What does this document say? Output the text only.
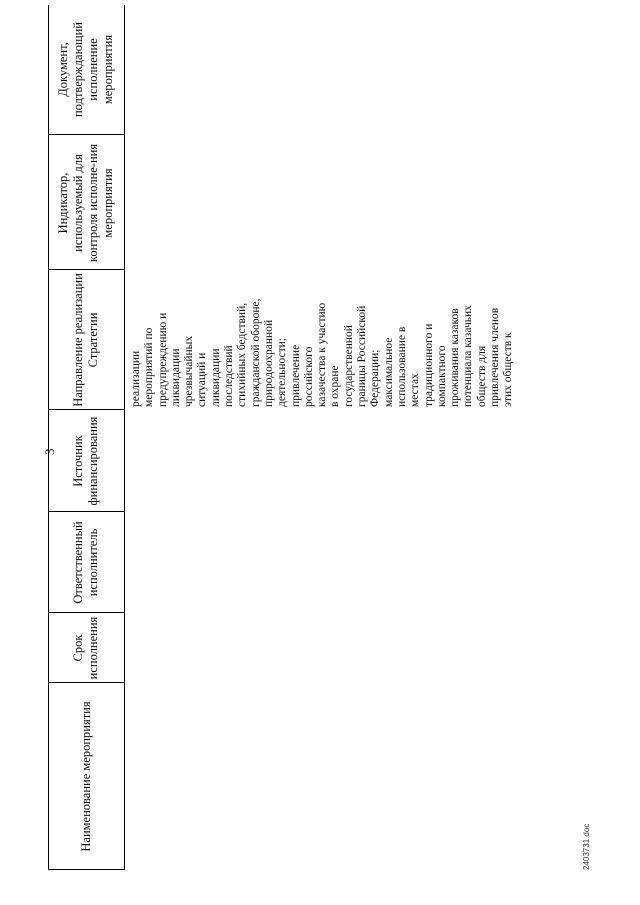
3
Наименование мероприятия
Срок исполнения
Ответственный исполнитель
Источник финансирования
Направление реализации Стратегии
Индикатор, используемый для контроля исполне-ния мероприятия
Документ, подтверждающий исполнение мероприятия
реализации
мероприятий по
предупреждению и
ликвидации
чрезвычайных
ситуаций и
ликвидации
последствий
стихийных бедствий,
гражданской обороне,
природоохранной
деятельности;
привлечение
российского
казачества к участию
в охране
государственной
границы Российской
Федерации;
максимальное
использование в
местах
традиционного и
компактного
проживания казаков
потенциала казачьих
обществ для
привлечения членов
этих обществ к
2403731.doc
